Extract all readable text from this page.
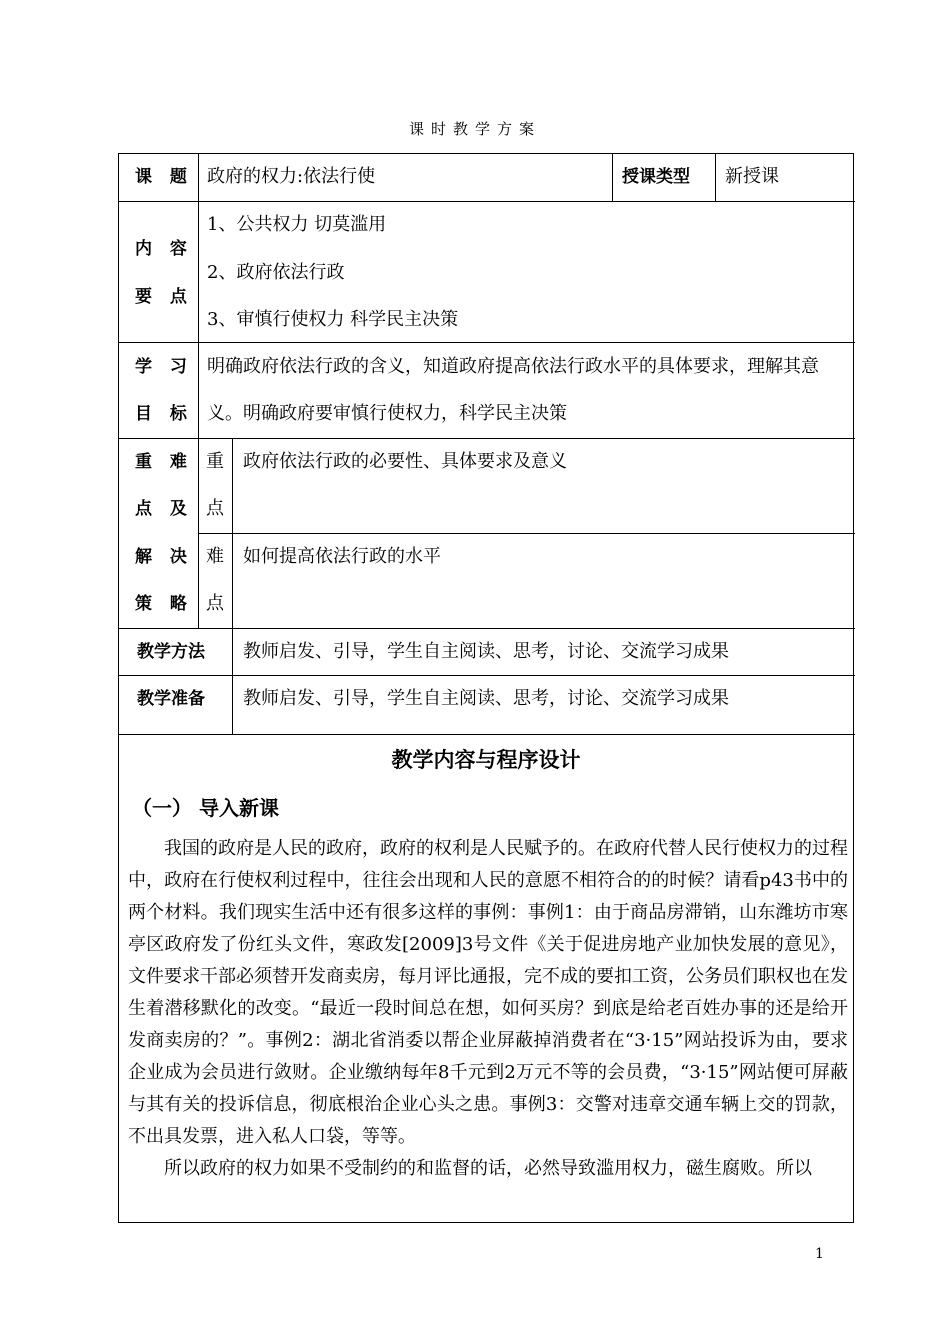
课时教学方案
课 题 政府的权力:依法行使	授课类型 新授课
内 容
要 点
1、公共权力 切莫滥用
2、政府依法行政
3、审慎行使权力 科学民主决策
学 习
目 标
明确政府依法行政的含义，知道政府提高依法行政水平的具体要求，理解其意
义。明确政府要审慎行使权力，科学民主决策
重 难
点 及
解 决
策 略
重
点
政府依法行政的必要性、具体要求及意义
难
点
如何提高依法行政的水平
教学方法 教师启发、引导，学生自主阅读、思考，讨论、交流学习成果
教学准备 教师启发、引导，学生自主阅读、思考，讨论、交流学习成果
教学内容与程序设计
（一） 导入新课

我国的政府是人民的政府，政府的权利是人民赋予的。在政府代替人民行使权力的过程中，政府在行使权利过程中，往往会出现和人民的意愿不相符合的的时候？请看p43书中的两个材料。我们现实生活中还有很多这样的事例：事例1：由于商品房滞销，山东潍坊市寒亭区政府发了份红头文件，寒政发[2009]3号文件《关于促进房地产业加快发展的意见》，文件要求干部必须替开发商卖房，每月评比通报，完不成的要扣工资，公务员们职权也在发生着潜移默化的改变。“最近一段时间总在想，如何买房？到底是给老百姓办事的还是给开发商卖房的？”。事例2：湖北省消委以帮企业屏蔽掉消费者在“3·15”网站投诉为由，要求企业成为会员进行敛财。企业缴纳每年8千元到2万元不等的会员费，“3·15”网站便可屏蔽与其有关的投诉信息，彻底根治企业心头之患。事例3：交警对违章交通车辆上交的罚款，不出具发票，进入私人口袋，等等。

所以政府的权力如果不受制约的和监督的话，必然导致滥用权力，磁生腐败。所以

1
